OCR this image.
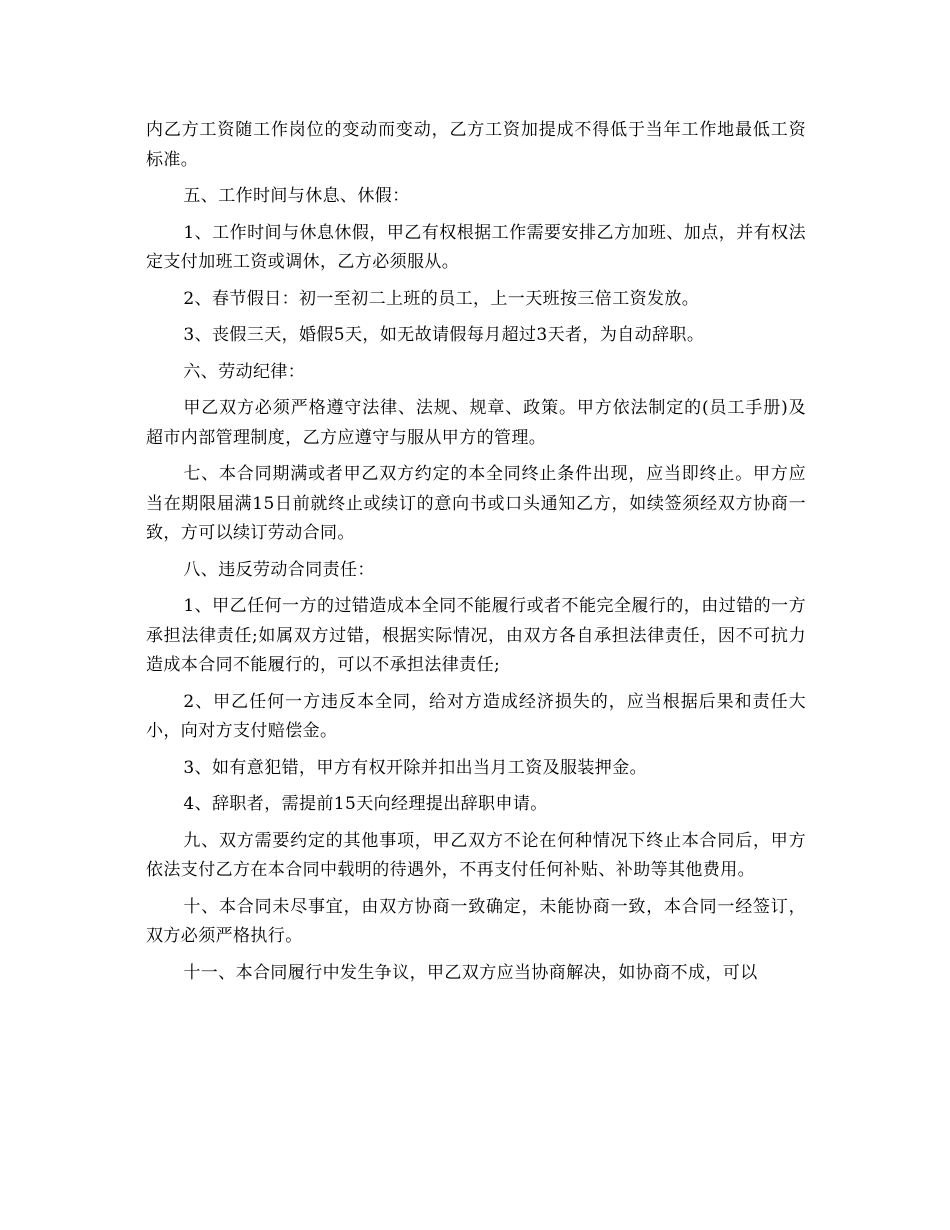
内乙方工资随工作岗位的变动而变动，乙方工资加提成不得低于当年工作地最低工资标准。

五、工作时间与休息、休假：

1、工作时间与休息休假，甲乙有权根据工作需要安排乙方加班、加点，并有权法定支付加班工资或调休，乙方必须服从。

2、春节假日：初一至初二上班的员工，上一天班按三倍工资发放。

3、丧假三天，婚假5天，如无故请假每月超过3天者，为自动辞职。

六、劳动纪律：

甲乙双方必须严格遵守法律、法规、规章、政策。甲方依法制定的(员工手册)及超市内部管理制度，乙方应遵守与服从甲方的管理。

七、本合同期满或者甲乙双方约定的本全同终止条件出现，应当即终止。甲方应当在期限届满15日前就终止或续订的意向书或口头通知乙方，如续签须经双方协商一致，方可以续订劳动合同。

八、违反劳动合同责任：

1、甲乙任何一方的过错造成本全同不能履行或者不能完全履行的，由过错的一方承担法律责任;如属双方过错，根据实际情况，由双方各自承担法律责任，因不可抗力造成本合同不能履行的，可以不承担法律责任;

2、甲乙任何一方违反本全同，给对方造成经济损失的，应当根据后果和责任大小，向对方支付赔偿金。

3、如有意犯错，甲方有权开除并扣出当月工资及服装押金。

4、辞职者，需提前15天向经理提出辞职申请。

九、双方需要约定的其他事项，甲乙双方不论在何种情况下终止本合同后，甲方依法支付乙方在本合同中载明的待遇外，不再支付任何补贴、补助等其他费用。

十、本合同未尽事宜，由双方协商一致确定，未能协商一致，本合同一经签订，双方必须严格执行。

十一、本合同履行中发生争议，甲乙双方应当协商解决，如协商不成，可以
